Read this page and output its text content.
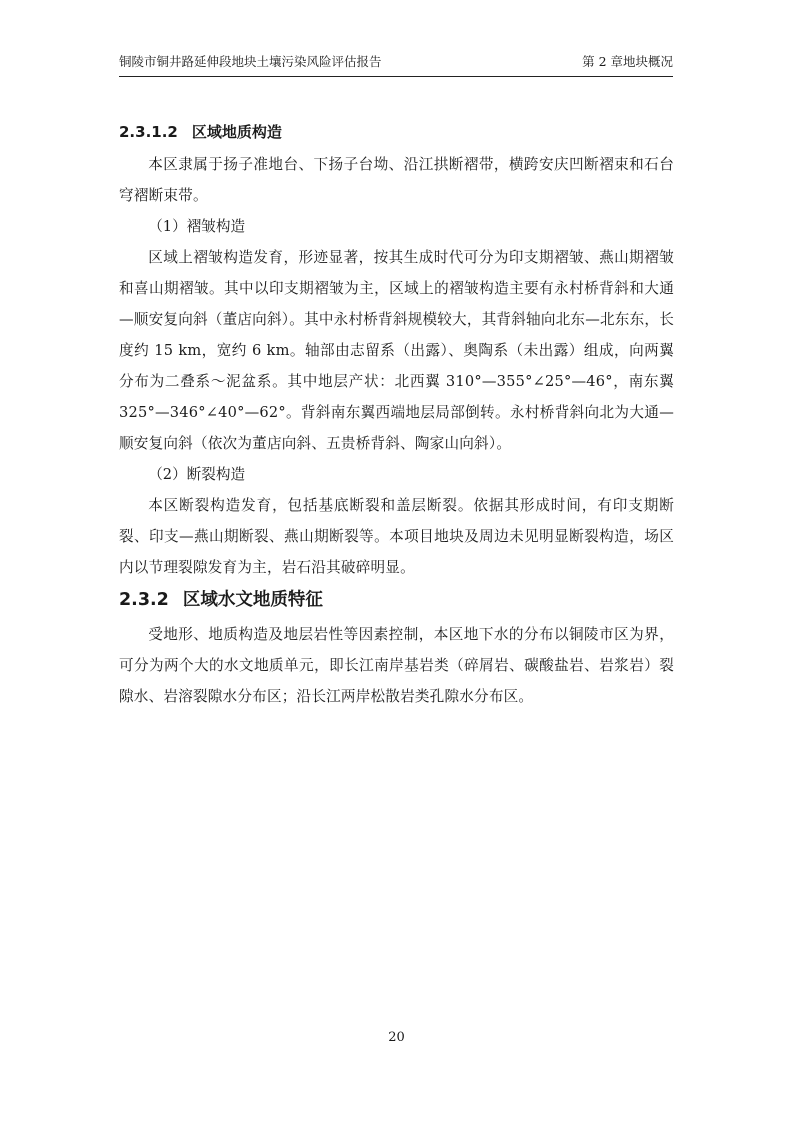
铜陵市铜井路延伸段地块土壤污染风险评估报告	第 2 章地块概况
2.3.1.2 区域地质构造

本区隶属于扬子准地台、下扬子台坳、沿江拱断褶带，横跨安庆凹断褶束和石台穹褶断束带。

（1）褶皱构造

区域上褶皱构造发育，形迹显著，按其生成时代可分为印支期褶皱、燕山期褶皱和喜山期褶皱。其中以印支期褶皱为主，区域上的褶皱构造主要有永村桥背斜和大通—顺安复向斜（董店向斜）。其中永村桥背斜规模较大，其背斜轴向北东—北东东，长度约 15 km，宽约 6 km。轴部由志留系（出露）、奥陶系（未出露）组成，向两翼分布为二叠系～泥盆系。其中地层产状：北西翼 310°—355°∠25°—46°，南东翼 325°—346°∠40°—62°。背斜南东翼西端地层局部倒转。永村桥背斜向北为大通—顺安复向斜（依次为董店向斜、五贵桥背斜、陶家山向斜）。

（2）断裂构造

本区断裂构造发育，包括基底断裂和盖层断裂。依据其形成时间，有印支期断裂、印支—燕山期断裂、燕山期断裂等。本项目地块及周边未见明显断裂构造，场区内以节理裂隙发育为主，岩石沿其破碎明显。

2.3.2 区域水文地质特征

受地形、地质构造及地层岩性等因素控制，本区地下水的分布以铜陵市区为界，可分为两个大的水文地质单元，即长江南岸基岩类（碎屑岩、碳酸盐岩、岩浆岩）裂隙水、岩溶裂隙水分布区；沿长江两岸松散岩类孔隙水分布区。

20
